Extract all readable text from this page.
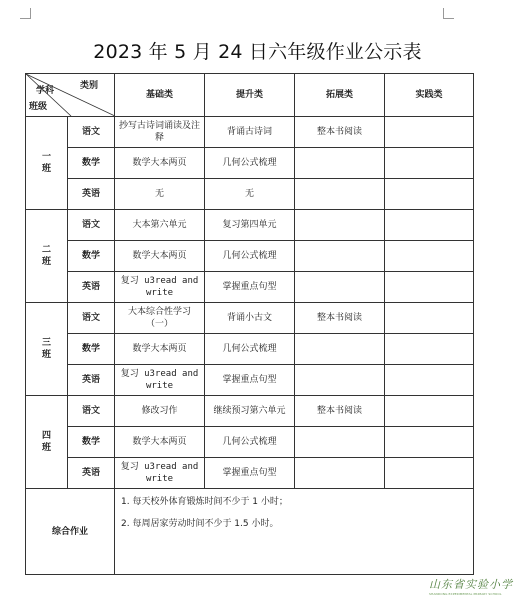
2023 年 5 月 24 日六年级作业公示表
类别
学科
班级		基础类	提升类	拓展类	实践类
一班	语文	抄写古诗词诵读及注释	背诵古诗词	整本书阅读	
	数学	数学大本两页	几何公式梳理		
	英语	无	无		
二班	语文	大本第六单元	复习第四单元		
	数学	数学大本两页	几何公式梳理		
	英语	复习 u3read and write	掌握重点句型		
三班	语文	大本综合性学习（一）	背诵小古文	整本书阅读	
	数学	数学大本两页	几何公式梳理		
	英语	复习 u3read and write	掌握重点句型		
四班	语文	修改习作	继续预习第六单元	整本书阅读	
	数学	数学大本两页	几何公式梳理		
	英语	复习 u3read and write	掌握重点句型		
综合作业		1. 每天校外体育锻炼时间不少于 1 小时；
2. 每周居家劳动时间不少于 1.5 小时。			
山东省实验小学
SHANDONG EXPERIMENTAL PRIMARY SCHOOL
